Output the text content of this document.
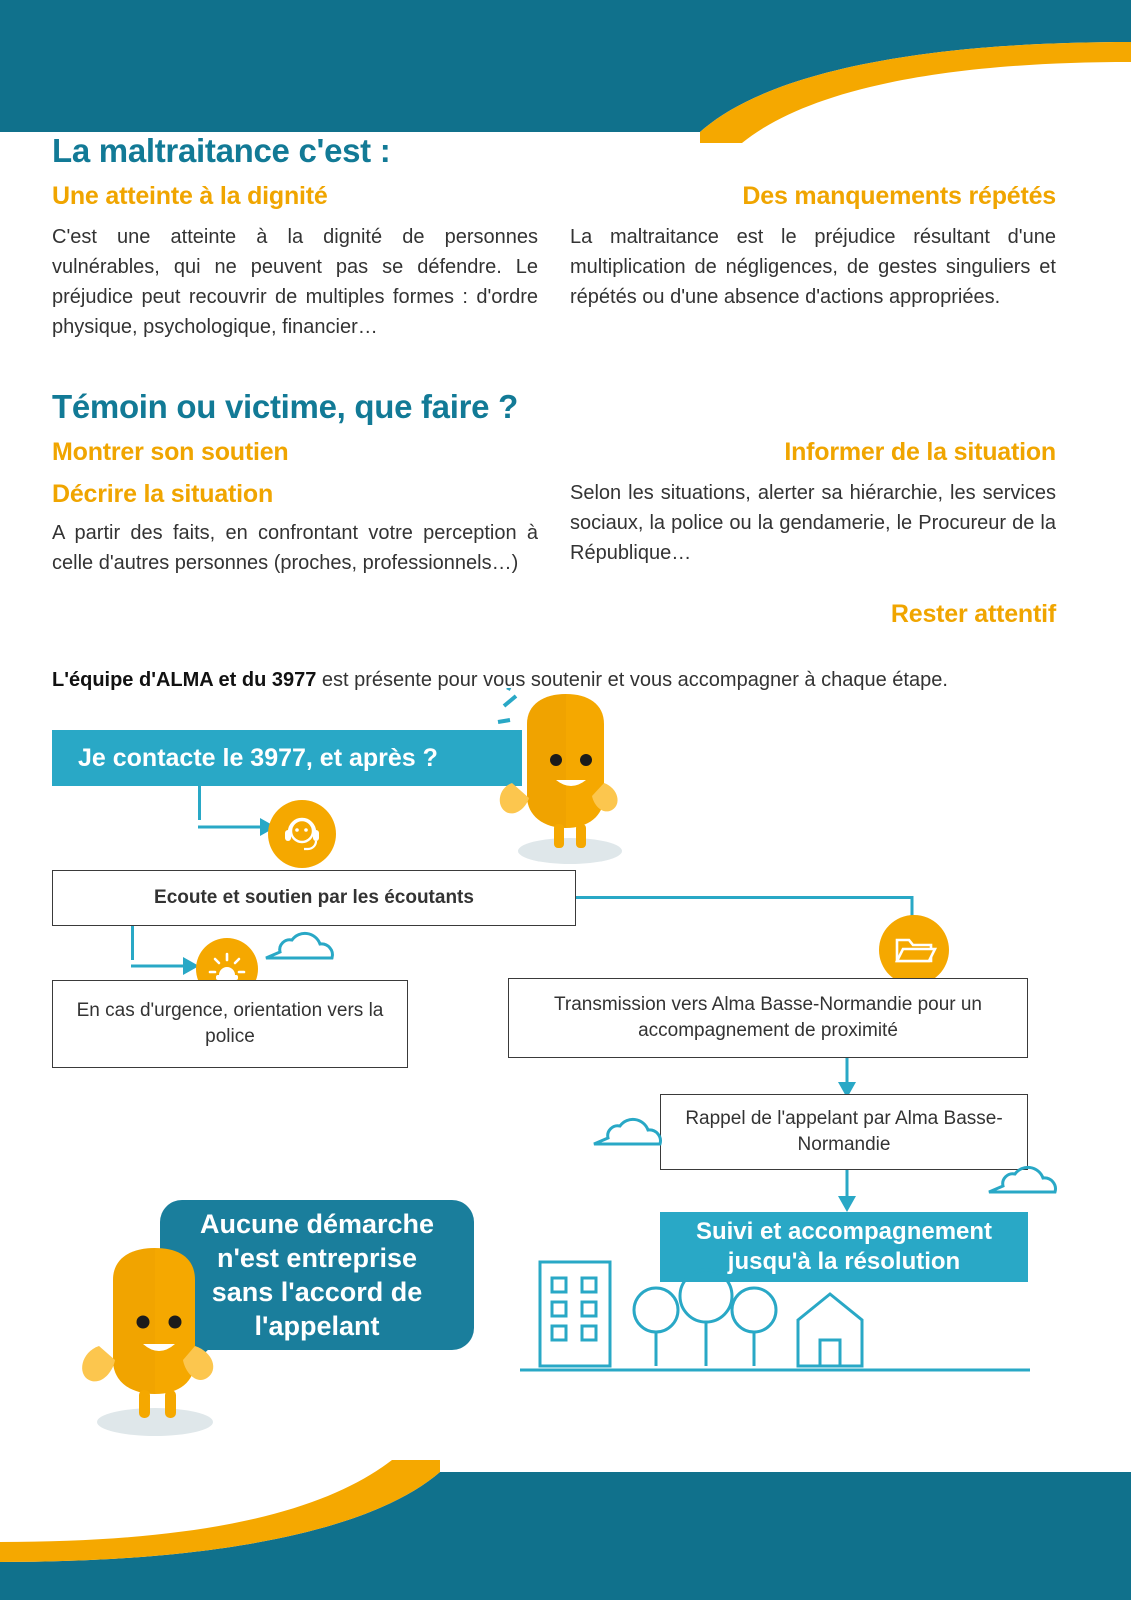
La maltraitance c'est :

Une atteinte à la dignité

C'est une atteinte à la dignité de personnes vulnérables, qui ne peuvent pas se défendre. Le préjudice peut recouvrir de multiples formes : d'ordre physique, psychologique, financier…

Des manquements répétés

La maltraitance est le préjudice résultant d'une multiplication de négligences, de gestes singuliers et répétés ou d'une absence d'actions appropriées.

Témoin ou victime, que faire ?

Montrer son soutien

Décrire la situation

A partir des faits, en confrontant votre perception à celle d'autres personnes (proches, professionnels…)

Informer de la situation

Selon les situations, alerter sa hiérarchie, les services sociaux, la police ou la gendamerie, le Procureur de la République…

Rester attentif

L'équipe d'ALMA et du 3977 est présente pour vous soutenir et vous accompagner à chaque étape.

Je contacte le 3977, et après ?
Ecoute et soutien par les écoutants
En cas d'urgence, orientation vers la police
Transmission vers Alma Basse-Normandie pour un accompagnement de proximité
Rappel de l'appelant par Alma Basse-Normandie
Suivi et accompagnement jusqu'à la résolution
Aucune démarche
n'est entreprise
sans l'accord de
l'appelant
